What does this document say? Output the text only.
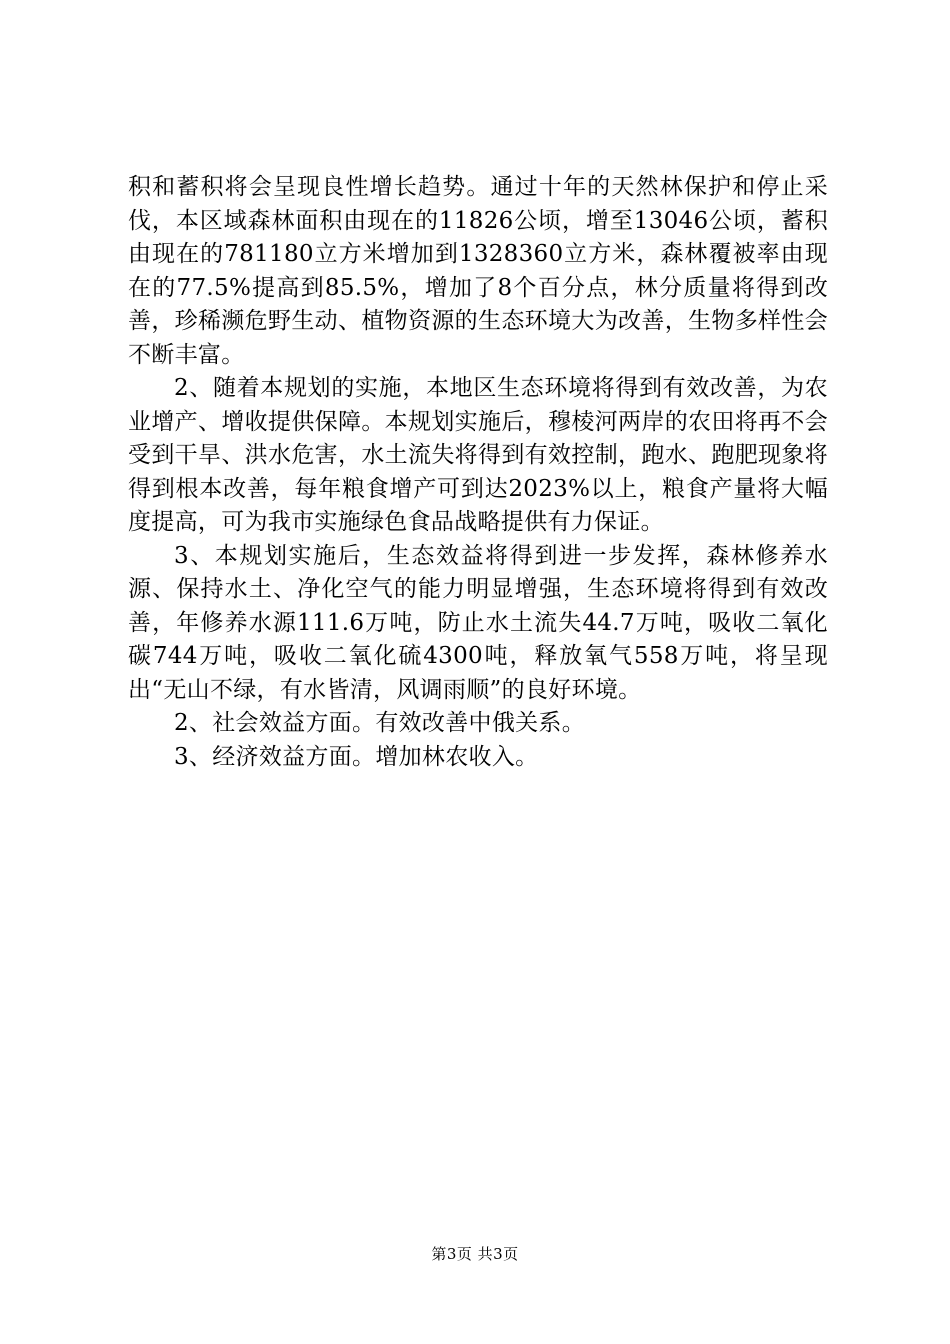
积和蓄积将会呈现良性增长趋势。通过十年的天然林保护和停止采伐，本区域森林面积由现在的11826公顷，增至13046公顷，蓄积由现在的781180立方米增加到1328360立方米，森林覆被率由现在的77.5%提高到85.5%，增加了8个百分点，林分质量将得到改善，珍稀濒危野生动、植物资源的生态环境大为改善，生物多样性会不断丰富。

2、随着本规划的实施，本地区生态环境将得到有效改善，为农业增产、增收提供保障。本规划实施后，穆棱河两岸的农田将再不会受到干旱、洪水危害，水土流失将得到有效控制，跑水、跑肥现象将得到根本改善，每年粮食增产可到达2023%以上，粮食产量将大幅度提高，可为我市实施绿色食品战略提供有力保证。

3、本规划实施后，生态效益将得到进一步发挥，森林修养水源、保持水土、净化空气的能力明显增强，生态环境将得到有效改善，年修养水源111.6万吨，防止水土流失44.7万吨，吸收二氧化碳744万吨，吸收二氧化硫4300吨，释放氧气558万吨，将呈现出“无山不绿，有水皆清，风调雨顺”的良好环境。

2、社会效益方面。有效改善中俄关系。

3、经济效益方面。增加林农收入。

第3页 共3页
